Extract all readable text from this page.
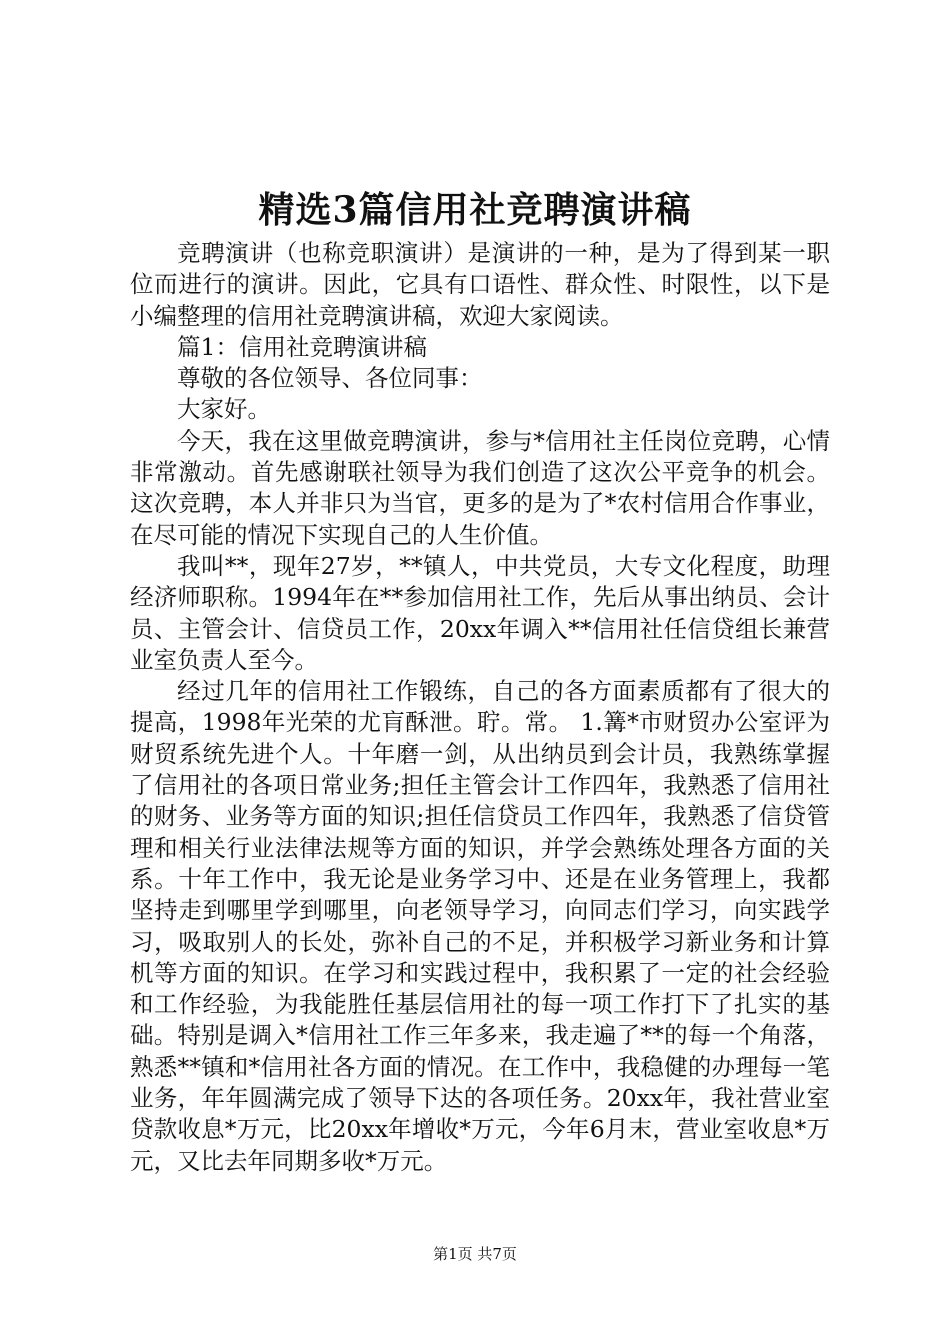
精选3篇信用社竞聘演讲稿

竞聘演讲（也称竞职演讲）是演讲的一种，是为了得到某一职位而进行的演讲。因此，它具有口语性、群众性、时限性，以下是小编整理的信用社竞聘演讲稿，欢迎大家阅读。

篇1：信用社竞聘演讲稿

尊敬的各位领导、各位同事：

大家好。

今天，我在这里做竞聘演讲，参与*信用社主任岗位竞聘，心情非常激动。首先感谢联社领导为我们创造了这次公平竞争的机会。这次竞聘，本人并非只为当官，更多的是为了*农村信用合作事业，在尽可能的情况下实现自己的人生价值。

我叫**，现年27岁，**镇人，中共党员，大专文化程度，助理经济师职称。1994年在**参加信用社工作，先后从事出纳员、会计员、主管会计、信贷员工作，20xx年调入**信用社任信贷组长兼营业室负责人至今。

经过几年的信用社工作锻练，自己的各方面素质都有了很大的提高，1998年光荣的尤肓酥泄。聍。常。 1.篝*市财贸办公室评为财贸系统先进个人。十年磨一剑，从出纳员到会计员，我熟练掌握了信用社的各项日常业务;担任主管会计工作四年，我熟悉了信用社的财务、业务等方面的知识;担任信贷员工作四年，我熟悉了信贷管理和相关行业法律法规等方面的知识，并学会熟练处理各方面的关系。十年工作中，我无论是业务学习中、还是在业务管理上，我都坚持走到哪里学到哪里，向老领导学习，向同志们学习，向实践学习，吸取别人的长处，弥补自己的不足，并积极学习新业务和计算机等方面的知识。在学习和实践过程中，我积累了一定的社会经验和工作经验，为我能胜任基层信用社的每一项工作打下了扎实的基础。特别是调入*信用社工作三年多来，我走遍了**的每一个角落，熟悉**镇和*信用社各方面的情况。在工作中，我稳健的办理每一笔业务，年年圆满完成了领导下达的各项任务。20xx年，我社营业室贷款收息*万元，比20xx年增收*万元，今年6月末，营业室收息*万元，又比去年同期多收*万元。

第1页 共7页
